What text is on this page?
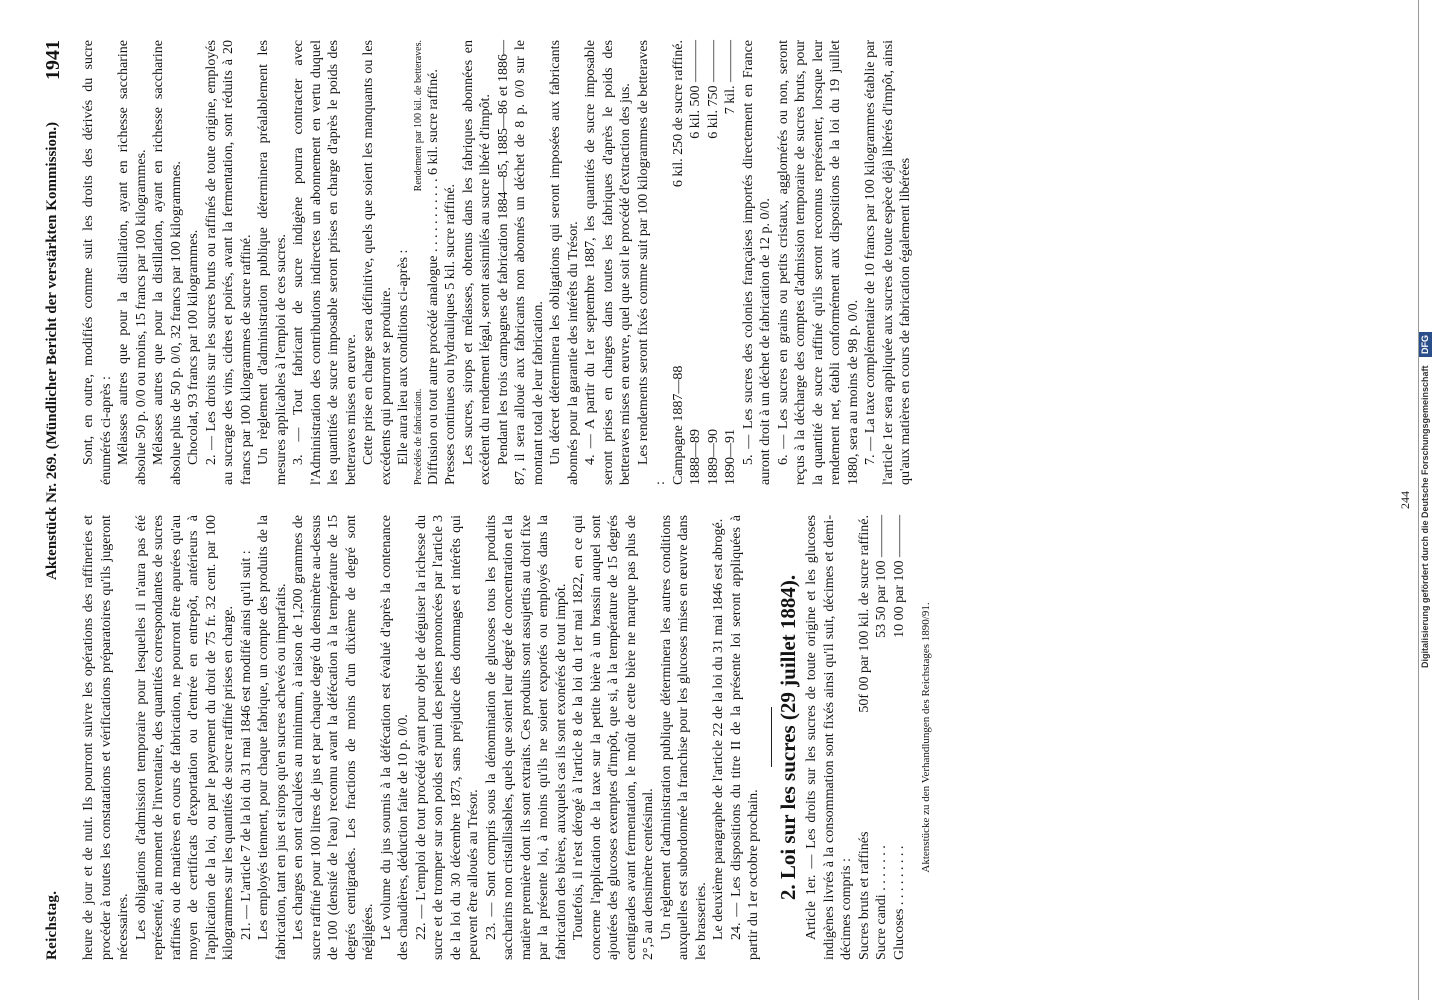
Reichstag.
Aktenstück Nr. 269. (Mündlicher Bericht der verstärkten Kommission.)
1941

heure de jour et de nuit. Ils pourront suivre les opérations des raffineries et procéder à toutes les constatations et vérifications préparatoires qu'ils jugeront nécessaires. Les obligations d'admission temporaire pour lesquelles il n'aura pas été représenté, au moment de l'inventaire, des quantités correspondantes de sucres raffinés ou de matières en cours de fabrication, ne pourront être apurées qu'au moyen de certificats d'exportation ou d'entrée en entrepôt, antérieurs à l'application de la loi, ou par le payement du droit de 75 fr. 32 cent. par 100 kilogrammes sur les quantités de sucre raffiné prises en charge. 21. — L'article 7 de la loi du 31 mai 1846 est modifié ainsi qu'il suit : Les employés tiennent, pour chaque fabrique, un compte des produits de la fabrication, tant en jus et sirops qu'en sucres achevés ou imparfaits. Les charges en sont calculées au minimum, à raison de 1,200 grammes de sucre raffiné pour 100 litres de jus et par chaque degré du densimètre au-dessus de 100 (densité de l'eau) reconnu avant la défécation à la température de 15 degrés centigrades. Les fractions de moins d'un dixième de degré sont négligées. Le volume du jus soumis à la défécation est évalué d'après la contenance des chaudières, déduction faite de 10 p. 0/0. 22. — L'emploi de tout procédé ayant pour objet de déguiser la richesse du sucre et de tromper sur son poids est puni des peines prononcées par l'article 3 de la loi du 30 décembre 1873, sans préjudice des dommages et intérêts qui peuvent être alloués au Trésor. 23. — Sont compris sous la dénomination de glucoses tous les produits saccharins non cristallisables, quels que soient leur degré de concentration et la matière première dont ils sont extraits. Ces produits sont assujettis au droit fixe par la présente loi, à moins qu'ils ne soient exportés ou employés dans la fabrication des bières, auxquels cas ils sont exonérés de tout impôt. Toutefois, il n'est dérogé à l'article 8 de la loi du 1er mai 1822, en ce qui concerne l'application de la taxe sur la petite bière à un brassin auquel sont ajoutées des glucoses exemptes d'impôt, que si, à la température de 15 degrés centigrades avant fermentation, le moût de cette bière ne marque pas plus de 2°,5 au densimètre centésimal. Un règlement d'administration publique déterminera les autres conditions auxquelles est subordonnée la franchise pour les glucoses mises en œuvre dans les brasseries. Le deuxième paragraphe de l'article 22 de la loi du 31 mai 1846 est abrogé. 24. — Les dispositions du titre II de la présente loi seront appliquées à partir du 1er octobre prochain. 2. Loi sur les sucres (29 juillet 1884). Article 1er. — Les droits sur les sucres de toute origine et les glucoses indigènes livrés à la consommation sont fixés ainsi qu'il suit, décimes et demi-décimes compris : Sucres bruts et raffinés
50f 00 par 100 kil. de sucre raffiné.
Sucre candi . . . . . . .
53 50 par 100 ———
Glucoses . . . . . . . . .
10 00 par 100 ———
Aktenstücke zu den Verhandlungen des Reichstages 1890/91.

Sont, en outre, modifiés comme suit les droits des dérivés du sucre énumérés ci-après : Mélasses autres que pour la distillation, ayant en richesse saccharine absolue 50 p. 0/0 ou moins, 15 francs par 100 kilogrammes. Mélasses autres que pour la distillation, ayant en richesse saccharine absolue plus de 50 p. 0/0, 32 francs par 100 kilogrammes. Chocolat, 93 francs par 100 kilogrammes. 2. — Les droits sur les sucres bruts ou raffinés de toute origine, employés au sucrage des vins, cidres et poirés, avant la fermentation, sont réduits à 20 francs par 100 kilogrammes de sucre raffiné. Un règlement d'administration publique déterminera préalablement les mesures applicables à l'emploi de ces sucres. 3. — Tout fabricant de sucre indigène pourra contracter avec l'Administration des contributions indirectes un abonnement en vertu duquel les quantités de sucre imposable seront prises en charge d'après le poids des betteraves mises en œuvre. Cette prise en charge sera définitive, quels que soient les manquants ou les excédents qui pourront se produire. Elle aura lieu aux conditions ci-après : Procédés de fabrication.
Rendement par 100 kil. de betteraves. Diffusion ou tout autre procédé analogue . . . . . . . . . . . 6 kil. sucre raffiné. Presses continues ou hydrauliques 5 kil. sucre raffiné. Les sucres, sirops et mélasses, obtenus dans les fabriques abonnées en excédent du rendement légal, seront assimilés au sucre libéré d'impôt. Pendant les trois campagnes de fabrication 1884—85, 1885—86 et 1886—87, il sera alloué aux fabricants non abonnés un déchet de 8 p. 0/0 sur le montant total de leur fabrication. Un décret déterminera les obligations qui seront imposées aux fabricants abonnés pour la garantie des intérêts du Trésor. 4. — A partir du 1er septembre 1887, les quantités de sucre imposable seront prises en charges dans toutes les fabriques d'après le poids des betteraves mises en œuvre, quel que soit le procédé d'extraction des jus. Les rendements seront fixés comme suit par 100 kilogrammes de betteraves : Campagne 1887—88
6 kil. 250 de sucre raffiné.
1888—89
6 kil. 500 ———
1889—90
6 kil. 750 ———
1890—91
7 kil. ——— 5. — Les sucres des colonies françaises importés directement en France auront droit à un déchet de fabrication de 12 p. 0/0. 6. — Les sucres en grains ou petits cristaux, agglomérés ou non, seront reçus à la décharge des comptes d'admission temporaire de sucres bruts, pour la quantité de sucre raffiné qu'ils seront reconnus représenter, lorsque leur rendement net, établi conformément aux dispositions de la loi du 19 juillet 1880, sera au moins de 98 p. 0/0. 7. — La taxe complémentaire de 10 francs par 100 kilogrammes établie par l'article 1er sera appliquée aux sucres de toute espèce déjà libérés d'impôt, ainsi qu'aux matières en cours de fabrication également libérées

244 Digitalisierung gefördert durch die Deutsche Forschungsgemeinschaft DFG
